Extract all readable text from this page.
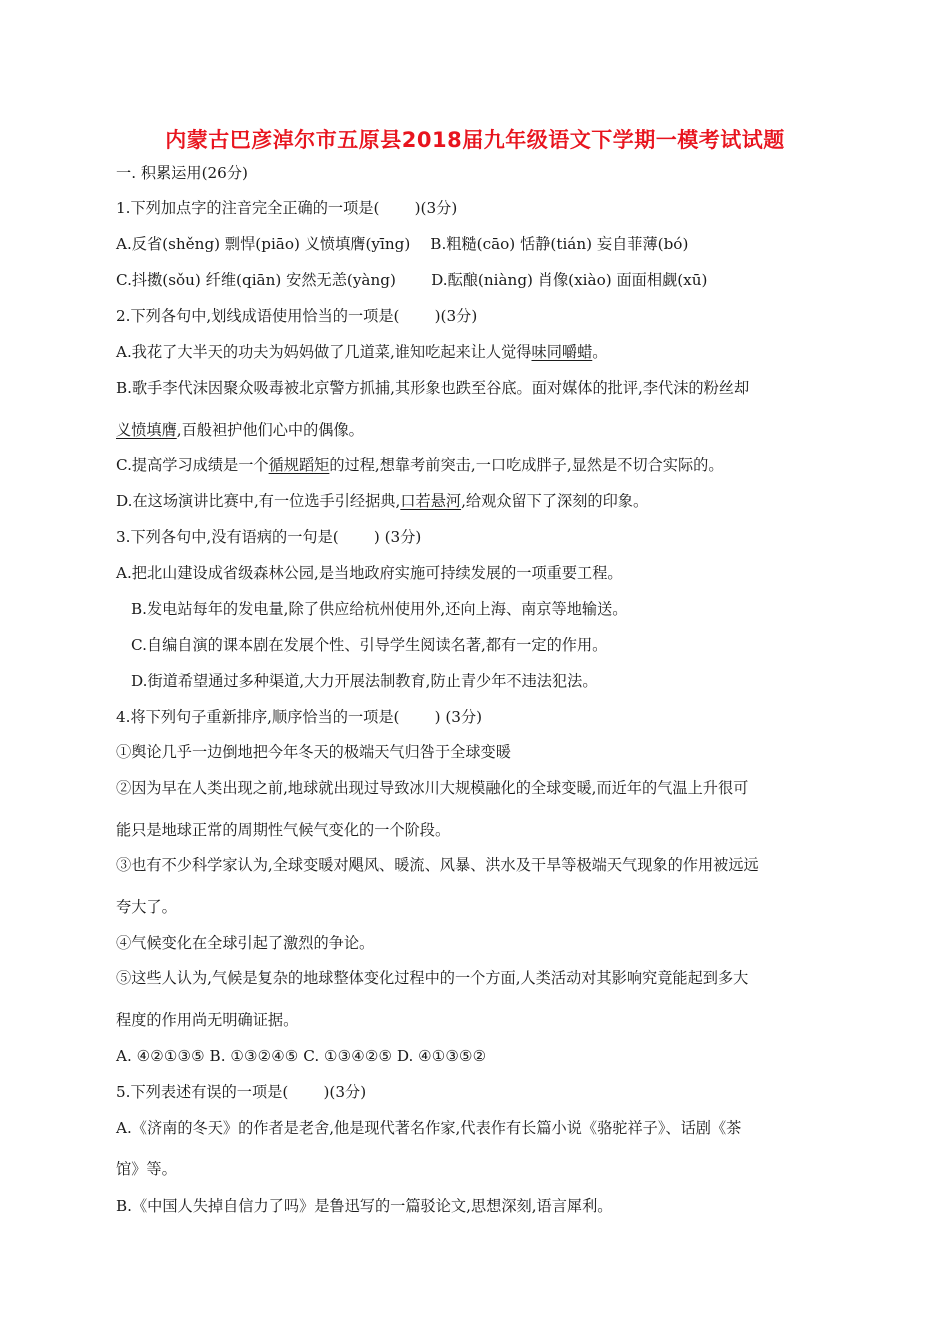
内蒙古巴彦淖尔市五原县2018届九年级语文下学期一模考试试题
一. 积累运用(26分)
1.下列加点字的注音完全正确的一项是(　　 )(3分)
A.反省(shěng) 剽悍(piāo) 义愤填膺(yīng)　 B.粗糙(cāo) 恬静(tián) 妄自菲薄(bó)
C.抖擞(sǒu) 纤维(qiān) 安然无恙(yàng)　　 D.酝酿(niàng) 肖像(xiào) 面面相觑(xū)
2.下列各句中,划线成语使用恰当的一项是(　　 )(3分)
A.我花了大半天的功夫为妈妈做了几道菜,谁知吃起来让人觉得味同嚼蜡。
B.歌手李代沫因聚众吸毒被北京警方抓捕,其形象也跌至谷底。面对媒体的批评,李代沫的粉丝却
义愤填膺,百般袒护他们心中的偶像。
C.提高学习成绩是一个循规蹈矩的过程,想靠考前突击,一口吃成胖子,显然是不切合实际的。
D.在这场演讲比赛中,有一位选手引经据典,口若悬河,给观众留下了深刻的印象。
3.下列各句中,没有语病的一句是(　　 ) (3分)
A.把北山建设成省级森林公园,是当地政府实施可持续发展的一项重要工程。
B.发电站每年的发电量,除了供应给杭州使用外,还向上海、南京等地输送。
C.自编自演的课本剧在发展个性、引导学生阅读名著,都有一定的作用。
D.街道希望通过多种渠道,大力开展法制教育,防止青少年不违法犯法。
4.将下列句子重新排序,顺序恰当的一项是(　　 ) (3分)
①舆论几乎一边倒地把今年冬天的极端天气归咎于全球变暖
②因为早在人类出现之前,地球就出现过导致冰川大规模融化的全球变暖,而近年的气温上升很可
能只是地球正常的周期性气候气变化的一个阶段。
③也有不少科学家认为,全球变暖对飓风、暖流、风暴、洪水及干旱等极端天气现象的作用被远远
夸大了。
④气候变化在全球引起了激烈的争论。
⑤这些人认为,气候是复杂的地球整体变化过程中的一个方面,人类活动对其影响究竟能起到多大
程度的作用尚无明确证据。
A. ④②①③⑤ B. ①③②④⑤ C. ①③④②⑤ D. ④①③⑤②
5.下列表述有误的一项是(　　 )(3分)
A.《济南的冬天》的作者是老舍,他是现代著名作家,代表作有长篇小说《骆驼祥子》、话剧《茶
馆》等。
B.《中国人失掉自信力了吗》是鲁迅写的一篇驳论文,思想深刻,语言犀利。
